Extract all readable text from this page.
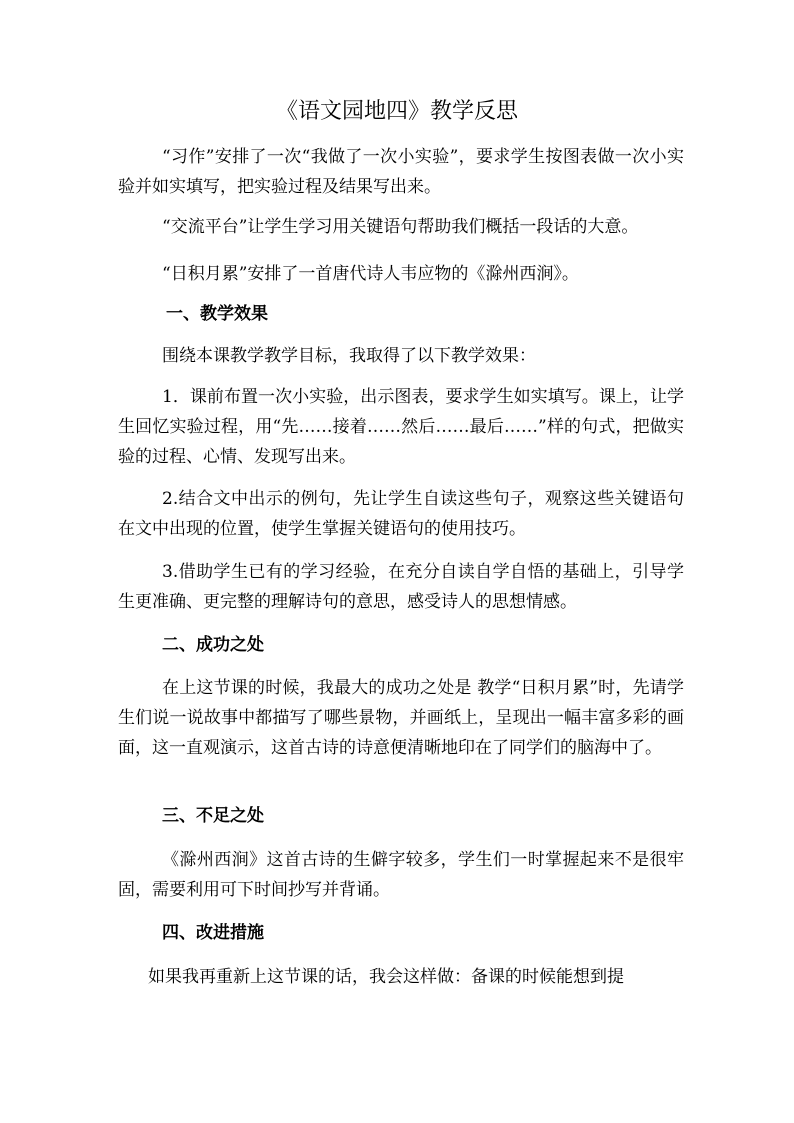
《语文园地四》教学反思

“习作”安排了一次“我做了一次小实验”，要求学生按图表做一次小实验并如实填写，把实验过程及结果写出来。

“交流平台”让学生学习用关键语句帮助我们概括一段话的大意。

“日积月累”安排了一首唐代诗人韦应物的《滁州西涧》。

一、教学效果

围绕本课教学教学目标，我取得了以下教学效果：

1．课前布置一次小实验，出示图表，要求学生如实填写。课上，让学生回忆实验过程，用“先……接着……然后……最后……”样的句式，把做实验的过程、心情、发现写出来。

2.结合文中出示的例句，先让学生自读这些句子，观察这些关键语句在文中出现的位置，使学生掌握关键语句的使用技巧。

3.借助学生已有的学习经验，在充分自读自学自悟的基础上，引导学生更准确、更完整的理解诗句的意思，感受诗人的思想情感。

二、成功之处

在上这节课的时候，我最大的成功之处是 教学“日积月累”时，先请学生们说一说故事中都描写了哪些景物，并画纸上，呈现出一幅丰富多彩的画面，这一直观演示，这首古诗的诗意便清晰地印在了同学们的脑海中了。

三、不足之处

《滁州西涧》这首古诗的生僻字较多，学生们一时掌握起来不是很牢固，需要利用可下时间抄写并背诵。

四、改进措施

如果我再重新上这节课的话，我会这样做：备课的时候能想到提
